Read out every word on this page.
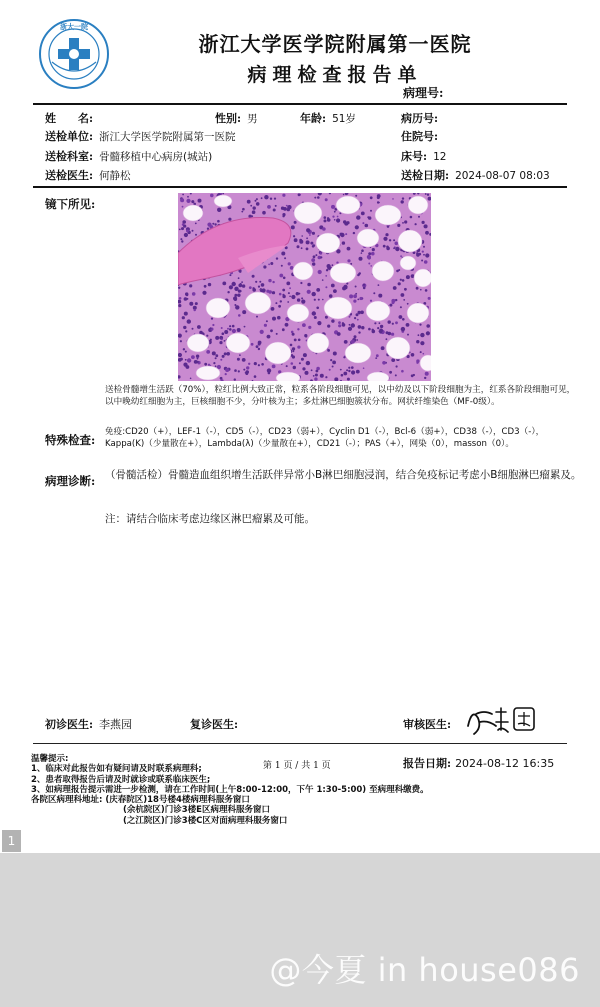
浙大一院
浙江大学医学院附属第一医院
病理检查报告单
病理号:
姓　　名:	性别: 男	年龄: 51岁	病历号:
送检单位: 浙江大学医学院附属第一医院	住院号:
送检科室: 骨髓移植中心病房(城站)	床号: 12
送检医生: 何静松	送检日期: 2024-08-07 08:03
镜下所见:
送检骨髓增生活跃（70%），粒红比例大致正常，粒系各阶段细胞可见，以中幼及以下阶段细胞为主，红系各阶段细胞可见，以中晚幼红细胞为主，巨核细胞不少，分叶核为主；多灶淋巴细胞簇状分布。网状纤维染色（MF-0级）。
特殊检查:
免疫:CD20（+），LEF-1（-），CD5（-），CD23（弱+），Cyclin D1（-），Bcl-6（弱+），CD38（-），CD3（-），Kappa(K)（少量散在+），Lambda(λ)（少量散在+），CD21（-）；PAS（+），网染（0），masson（0）。
病理诊断: （骨髓活检）骨髓造血组织增生活跃伴异常小B淋巴细胞浸润，结合免疫标记考虑小B细胞淋巴瘤累及。
注：请结合临床考虑边缘区淋巴瘤累及可能。
初诊医生: 李燕园	复诊医生:	审核医生:
温馨提示:
1、临床对此报告如有疑问请及时联系病理科;
2、患者取得报告后请及时就诊或联系临床医生;
3、如病理报告提示需进一步检测，请在工作时间(上午8:00-12:00，下午 1:30-5:00) 至病理科缴费。
各院区病理科地址: (庆春院区)18号楼4楼病理科服务窗口
(余杭院区)门诊3楼E区病理科服务窗口
(之江院区)门诊3楼C区对面病理科服务窗口
第 1 页 / 共 1 页	报告日期: 2024-08-12 16:35
1
@今夏 in house086
